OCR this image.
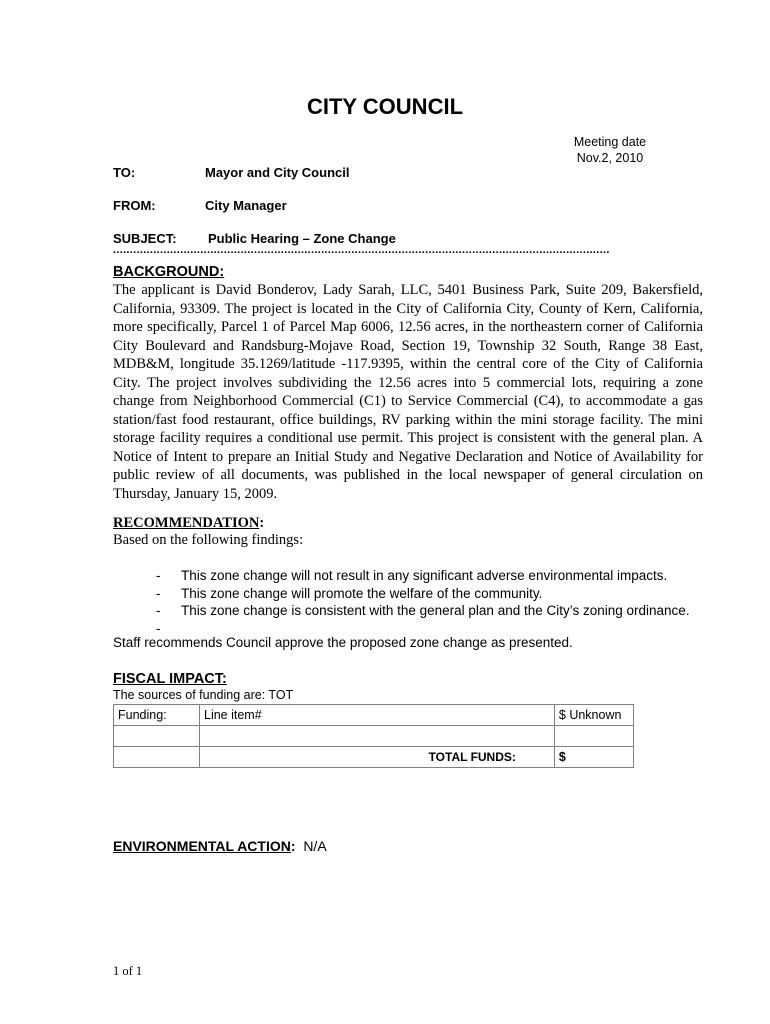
CITY COUNCIL
Meeting date
Nov.2, 2010
TO:	Mayor and City Council
FROM:	City Manager
SUBJECT: Public Hearing – Zone Change
....................................................................................................................................................
BACKGROUND:
The applicant is David Bonderov, Lady Sarah, LLC, 5401 Business Park, Suite 209, Bakersfield, California, 93309. The project is located in the City of California City, County of Kern, California, more specifically, Parcel 1 of Parcel Map 6006, 12.56 acres, in the northeastern corner of California City Boulevard and Randsburg-Mojave Road, Section 19, Township 32 South, Range 38 East, MDB&M, longitude 35.1269/latitude -117.9395, within the central core of the City of California City. The project involves subdividing the 12.56 acres into 5 commercial lots, requiring a zone change from Neighborhood Commercial (C1) to Service Commercial (C4), to accommodate a gas station/fast food restaurant, office buildings, RV parking within the mini storage facility. The mini storage facility requires a conditional use permit. This project is consistent with the general plan. A Notice of Intent to prepare an Initial Study and Negative Declaration and Notice of Availability for public review of all documents, was published in the local newspaper of general circulation on Thursday, January 15, 2009.
RECOMMENDATION:
Based on the following findings:
-	This zone change will not result in any significant adverse environmental impacts.
-	This zone change will promote the welfare of the community.
-	This zone change is consistent with the general plan and the City’s zoning ordinance.
-
Staff recommends Council approve the proposed zone change as presented.
FISCAL IMPACT:
The sources of funding are: TOT
Funding:	Line item#	$ Unknown

	TOTAL FUNDS:	$
ENVIRONMENTAL ACTION: N/A
1 of 1
